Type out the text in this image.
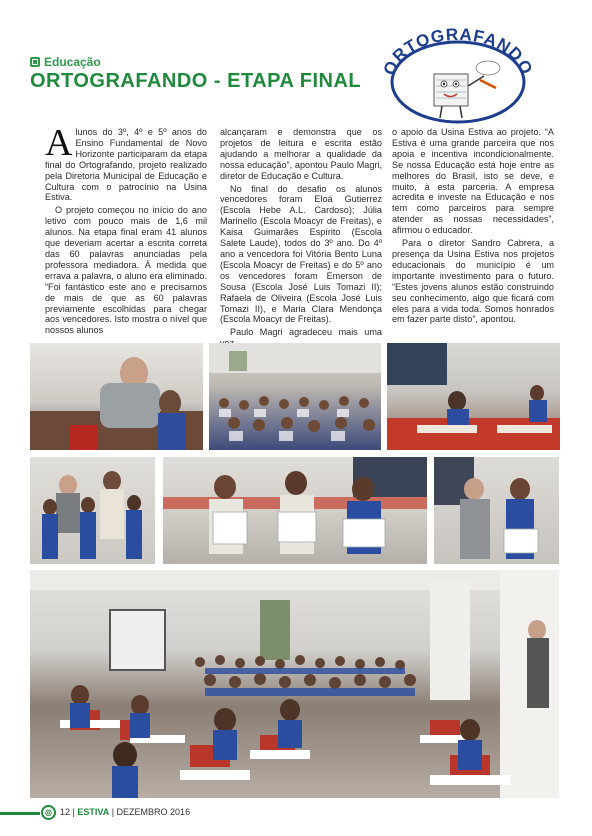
Educação
ORTOGRAFANDO - ETAPA FINAL
RTOGRAFAND

Alunos do 3º, 4º e 5º anos do Ensino Fundamental de Novo Horizonte participaram da etapa final do Ortografando, projeto realizado pela Diretoria Municipal de Educação e Cultura com o patrocínio na Usina Estiva.

O projeto começou no início do ano letivo com pouco mais de 1,6 mil alunos. Na etapa final eram 41 alunos que deveriam acertar a escrita correta das 60 palavras anunciadas pela professora mediadora. À medida que errava a palavra, o aluno era eliminado. “Foi fantástico este ano e precisamos de mais de que as 60 palavras previamente escolhidas para chegar aos vencedores. Isto mostra o nível que nossos alunos

alcançaram e demonstra que os projetos de leitura e escrita estão ajudando a melhorar a qualidade da nossa educação”, apontou Paulo Magri, diretor de Educação e Cultura.

No final do desafio os alunos vencedores foram Eloá Gutierrez (Escola Hebe A.L. Cardoso); Júlia Marinello (Escola Moacyr de Freitas), e Kaisa Guimarães Espírito (Escola Salete Laude), todos do 3º ano. Do 4º ano a vencedora foi Vitória Bento Luna (Escola Moacyr de Freitas) e do 5º ano os vencedores foram Emerson de Sousa (Escola José Luis Tomazi II); Rafaela de Oliveira (Escola José Luis Tomazi II), e Maria Clara Mendonça (Escola Moacyr de Freitas).

Paulo Magri agradeceu mais uma

o apoio da Usina Estiva ao projeto. “A Estiva é uma grande parceira que nos apoia e incentiva incondicionalmente. Se nossa Educação está hoje entre as melhores do Brasil, isto se deve, e muito, à esta parceria. A empresa acredita e investe na Educação e nos tem como parceiros para sempre atender as nossas necessidades”, afirmou o educador.

Para o diretor Sandro Cabrera, a presença da Usina Estiva nos projetos educacionais do município é um importante investimento para o futuro. “Estes jovens alunos estão construindo seu conhecimento, algo que ficará com eles para a vida toda. Somos honrados em fazer parte disto”, apontou.

◎ 12 | ESTIVA | DEZEMBRO 2016
